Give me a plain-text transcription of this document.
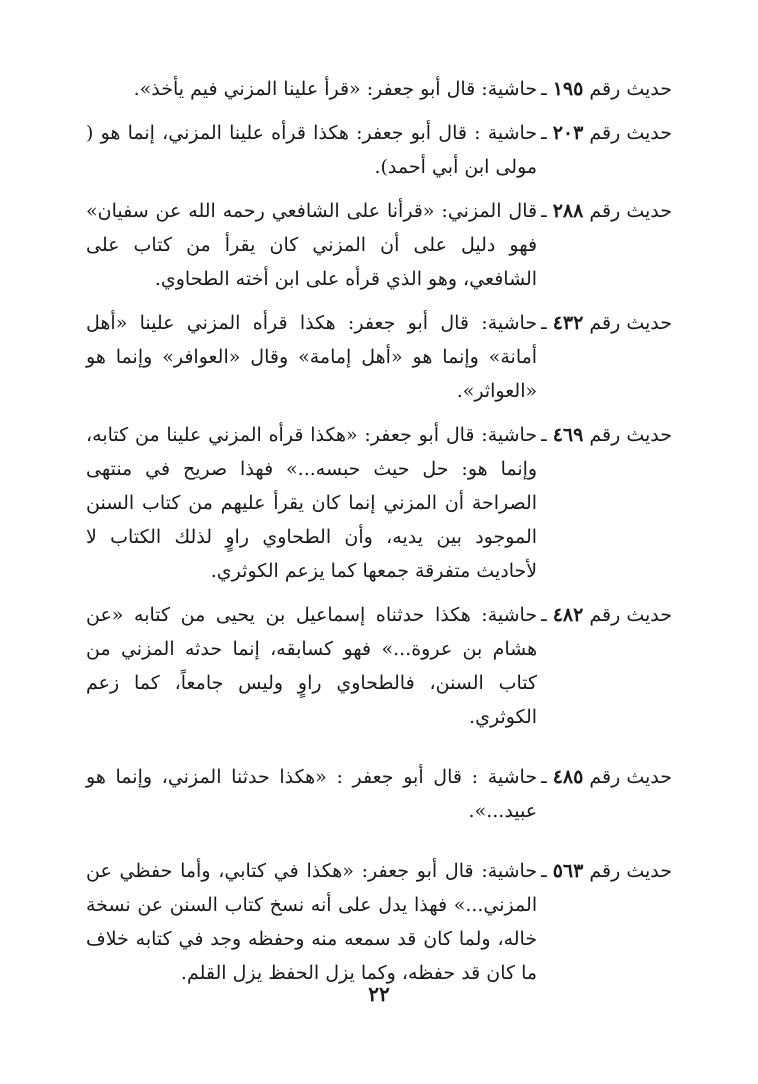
حديث رقم ١٩٥ ـ
حاشية: قال أبو جعفر: «قرأ علينا المزني فيم يأخذ».
حديث رقم ٢٠٣ ـ
حاشية : قال أبو جعفر: هكذا قرأه علينا المزني، إنما هو ( مولى ابن أبي أحمد).
حديث رقم ٢٨٨ ـ
قال المزني: «قرأنا على الشافعي رحمه الله عن سفيان» فهو دليل على أن المزني كان يقرأ من كتاب على الشافعي، وهو الذي قرأه على ابن أخته الطحاوي.
حديث رقم ٤٣٢ ـ
حاشية: قال أبو جعفر: هكذا قرأه المزني علينا «أهل أمانة» وإنما هو «أهل إمامة» وقال «العوافر» وإنما هو «العواثر».
حديث رقم ٤٦٩ ـ
حاشية: قال أبو جعفر: «هكذا قرأه المزني علينا من كتابه، وإنما هو: حل حيث حبسه...» فهذا صريح في منتهى الصراحة أن المزني إنما كان يقرأ عليهم من كتاب السنن الموجود بين يديه، وأن الطحاوي راوٍ لذلك الكتاب لا لأحاديث متفرقة جمعها كما يزعم الكوثري.
حديث رقم ٤٨٢ ـ
حاشية: هكذا حدثناه إسماعيل بن يحيى من كتابه «عن هشام بن عروة...» فهو كسابقه، إنما حدثه المزني من كتاب السنن، فالطحاوي راوٍ وليس جامعاً، كما زعم الكوثري.
حديث رقم ٤٨٥ ـ
حاشية : قال أبو جعفر : «هكذا حدثنا المزني، وإنما هو عبيد...».
حديث رقم ٥٦٣ ـ
حاشية: قال أبو جعفر: «هكذا في كتابي، وأما حفظي عن المزني...» فهذا يدل على أنه نسخ كتاب السنن عن نسخة خاله، ولما كان قد سمعه منه وحفظه وجد في كتابه خلاف ما كان قد حفظه، وكما يزل الحفظ يزل القلم.
٢٢
